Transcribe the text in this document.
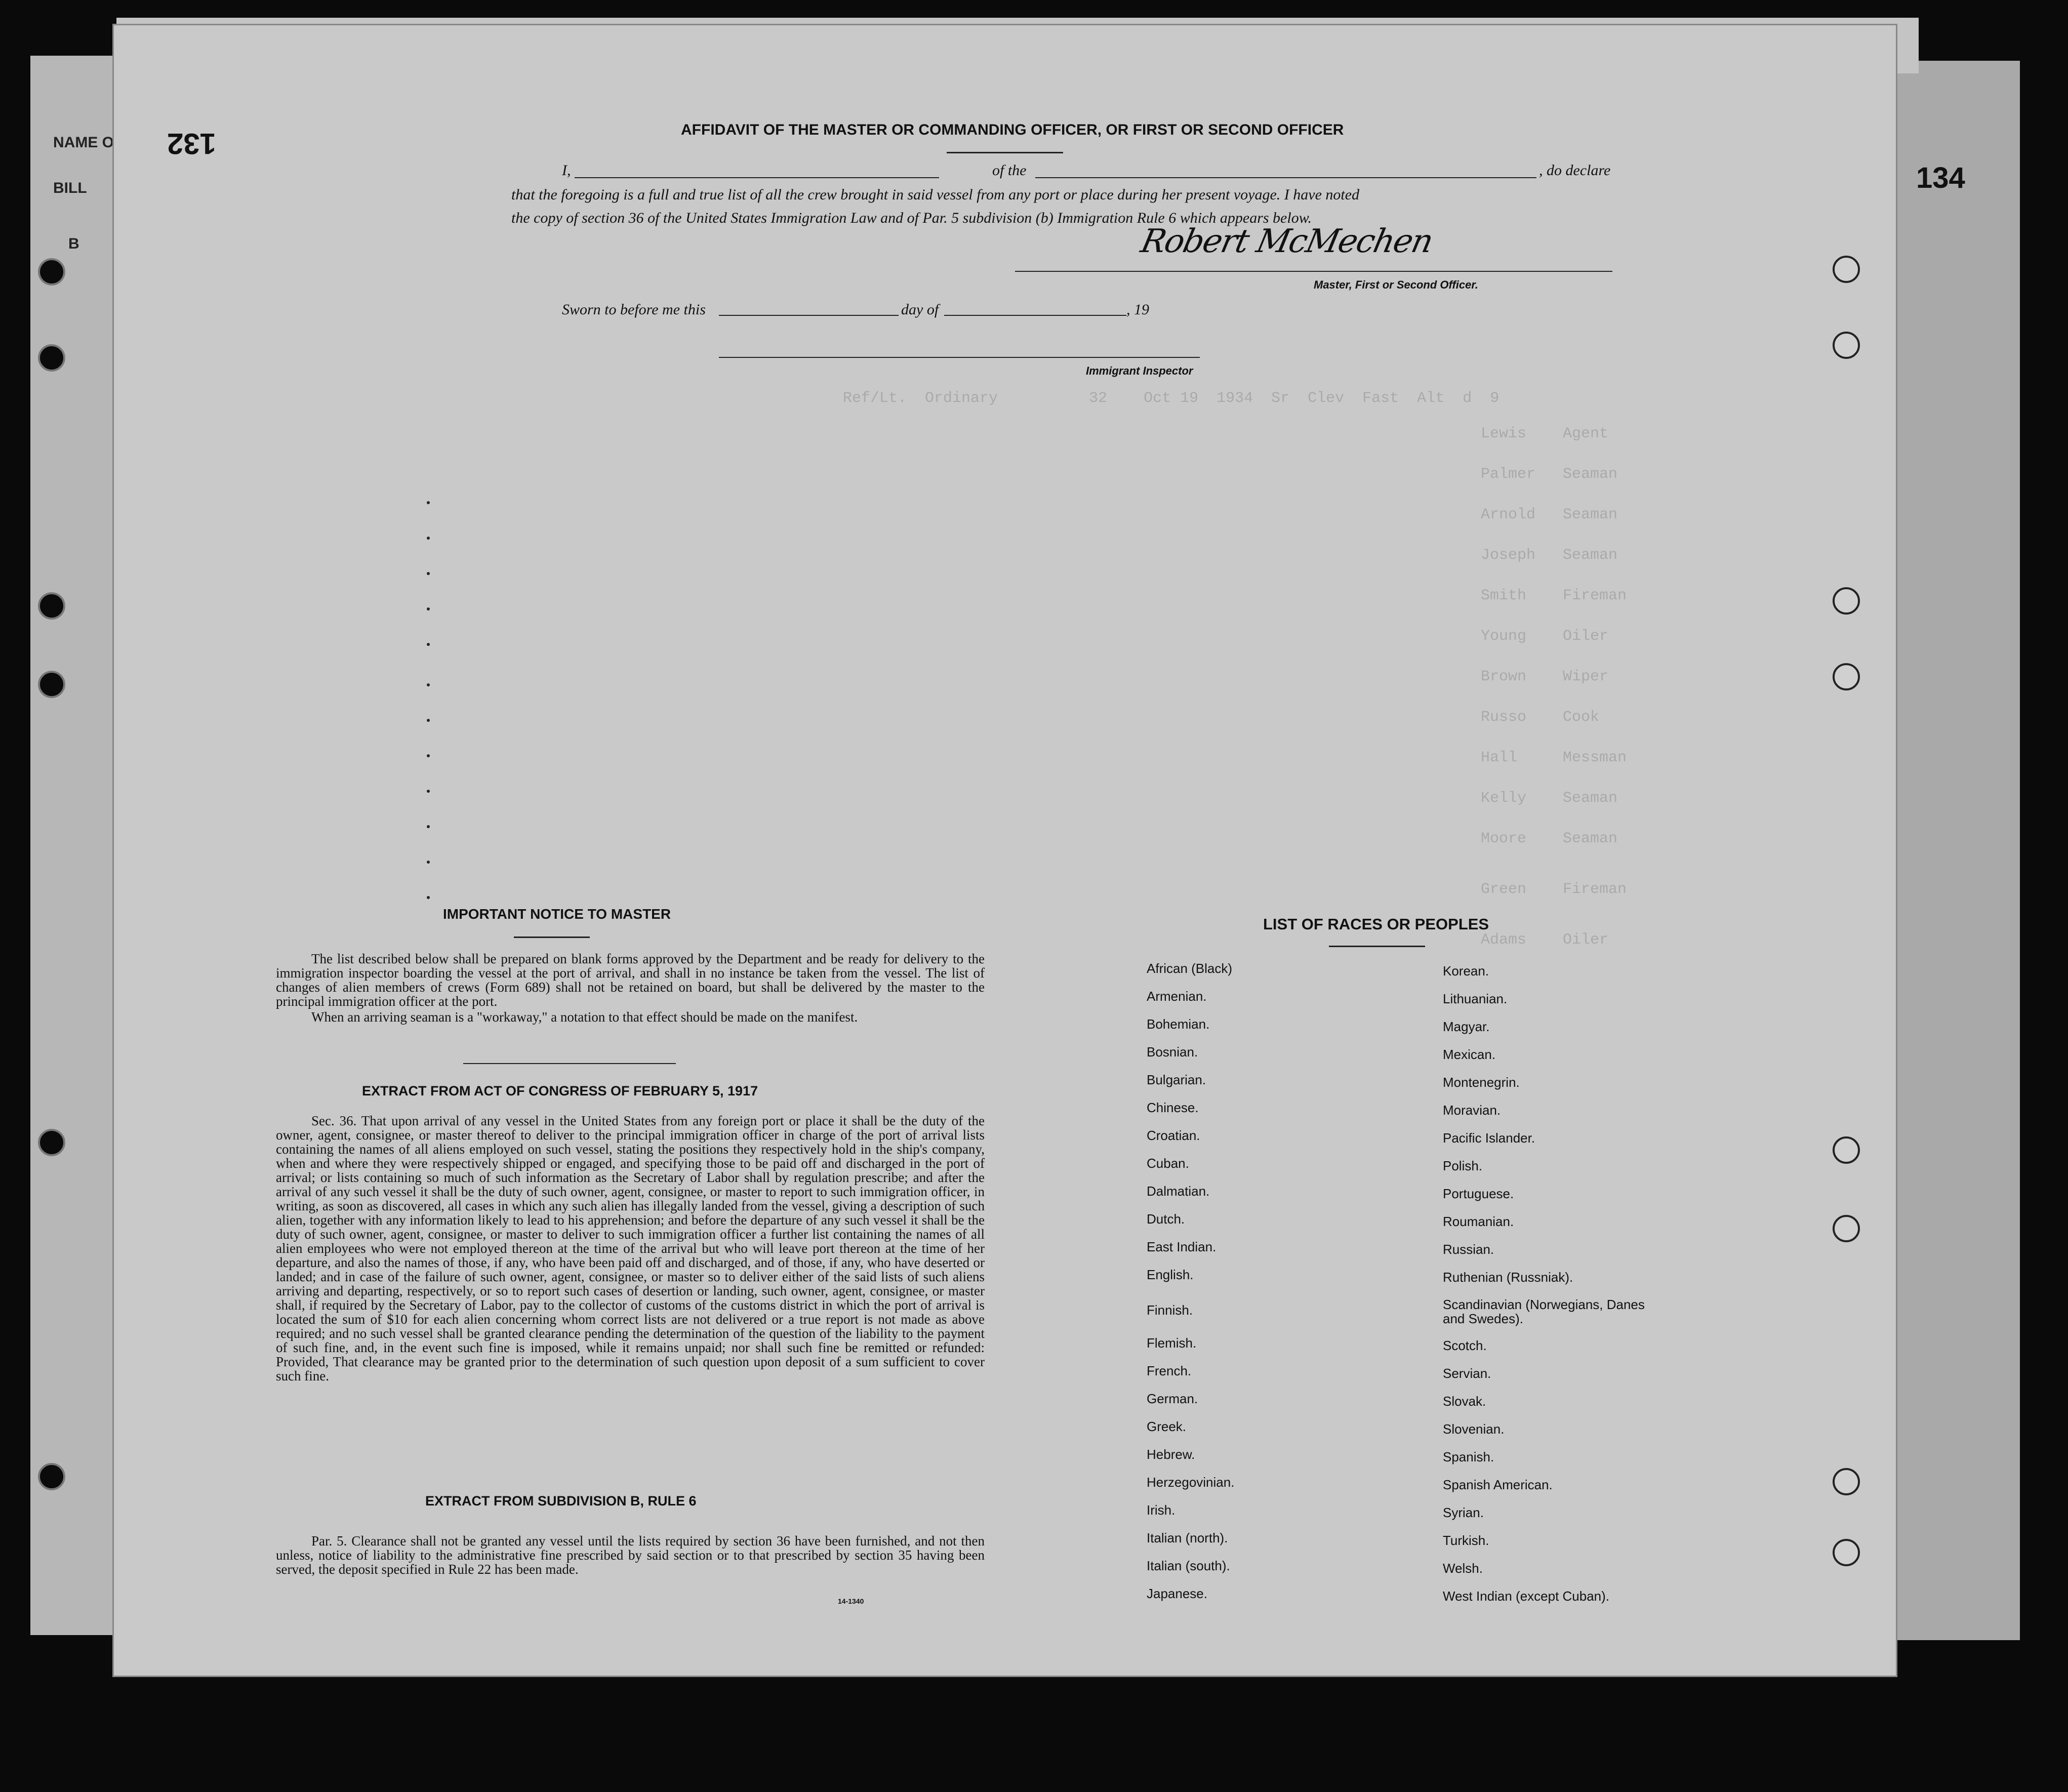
NAME O
BILL
B
Ref/Lt.  Ordinary          32    Oct 19  1934  Sr  Clev  Fast  Alt  d  9
Lewis    Agent
Palmer   Seaman
Arnold   Seaman
Joseph   Seaman
Smith    Fireman
Young    Oiler
Brown    Wiper
Russo    Cook
Hall     Messman
Kelly    Seaman
Moore    Seaman
Green    Fireman
Adams    Oiler
132	AFFIDAVIT OF THE MASTER OR COMMANDING OFFICER, OR FIRST OR SECOND OFFICER
I,	of the	, do declare
that the foregoing is a full and true list of all the crew brought in said vessel from any port or place during her present voyage. I have noted
the copy of section 36 of the United States Immigration Law and of Par. 5 subdivision (b) Immigration Rule 6 which appears below.
Robert McMechen
Master, First or Second Officer.
Sworn to before me this	day of	, 19
Immigrant Inspector
IMPORTANT NOTICE TO MASTER
The list described below shall be prepared on blank forms approved by the Department and be ready for delivery to the immigration inspector boarding the vessel at the port of arrival, and shall in no instance be taken from the vessel. The list of changes of alien members of crews (Form 689) shall not be retained on board, but shall be delivered by the master to the principal immigration officer at the port.
When an arriving seaman is a "workaway," a notation to that effect should be made on the manifest.
EXTRACT FROM ACT OF CONGRESS OF FEBRUARY 5, 1917
Sec. 36. That upon arrival of any vessel in the United States from any foreign port or place it shall be the duty of the owner, agent, consignee, or master thereof to deliver to the principal immigration officer in charge of the port of arrival lists containing the names of all aliens employed on such vessel, stating the positions they respectively hold in the ship's company, when and where they were respectively shipped or engaged, and specifying those to be paid off and discharged in the port of arrival; or lists containing so much of such information as the Secretary of Labor shall by regulation prescribe; and after the arrival of any such vessel it shall be the duty of such owner, agent, consignee, or master to report to such immigration officer, in writing, as soon as discovered, all cases in which any such alien has illegally landed from the vessel, giving a description of such alien, together with any information likely to lead to his apprehension; and before the departure of any such vessel it shall be the duty of such owner, agent, consignee, or master to deliver to such immigration officer a further list containing the names of all alien employees who were not employed thereon at the time of the arrival but who will leave port thereon at the time of her departure, and also the names of those, if any, who have been paid off and discharged, and of those, if any, who have deserted or landed; and in case of the failure of such owner, agent, consignee, or master so to deliver either of the said lists of such aliens arriving and departing, respectively, or so to report such cases of desertion or landing, such owner, agent, consignee, or master shall, if required by the Secretary of Labor, pay to the collector of customs of the customs district in which the port of arrival is located the sum of $10 for each alien concerning whom correct lists are not delivered or a true report is not made as above required; and no such vessel shall be granted clearance pending the determination of the question of the liability to the payment of such fine, and, in the event such fine is imposed, while it remains unpaid; nor shall such fine be remitted or refunded: Provided, That clearance may be granted prior to the determination of such question upon deposit of a sum sufficient to cover such fine.
EXTRACT FROM SUBDIVISION B, RULE 6
Par. 5. Clearance shall not be granted any vessel until the lists required by section 36 have been furnished, and not then unless, notice of liability to the administrative fine prescribed by said section or to that prescribed by section 35 having been served, the deposit specified in Rule 22 has been made.
14-1340
LIST OF RACES OR PEOPLES
African (Black)
Armenian.
Bohemian.
Bosnian.
Bulgarian.
Chinese.
Croatian.
Cuban.
Dalmatian.
Dutch.
East Indian.
English.
Finnish.
Flemish.
French.
German.
Greek.
Hebrew.
Herzegovinian.
Irish.
Italian (north).
Italian (south).
Japanese.
Korean.
Lithuanian.
Magyar.
Mexican.
Montenegrin.
Moravian.
Pacific Islander.
Polish.
Portuguese.
Roumanian.
Russian.
Ruthenian (Russniak).
Scandinavian (Norwegians, Danes and Swedes).
Scotch.
Servian.
Slovak.
Slovenian.
Spanish.
Spanish American.
Syrian.
Turkish.
Welsh.
West Indian (except Cuban).
134
